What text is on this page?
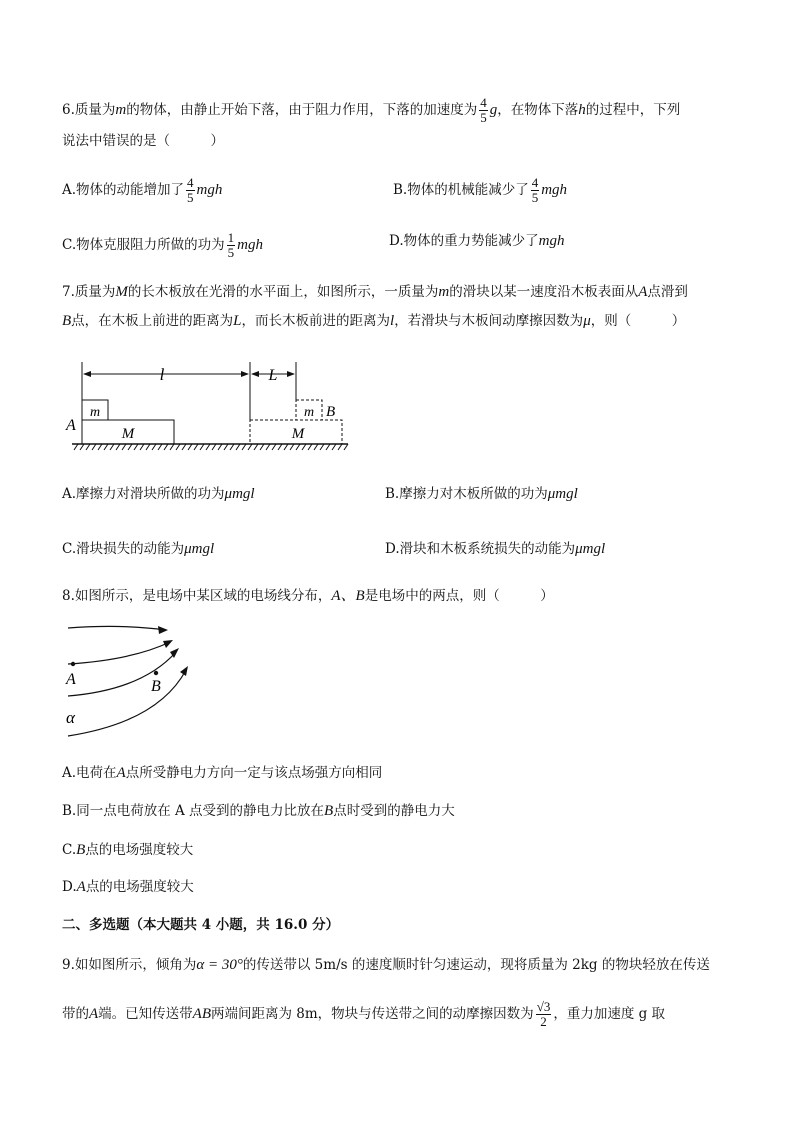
6.质量为m的物体，由静止开始下落，由于阻力作用，下落的加速度为 $\frac{4}{5}$ g，在物体下落h的过程中，下列
说法中错误的是（　　　）
A.物体的动能增加了 $\frac{4}{5}$ mgh	B.物体的机械能减少了 $\frac{4}{5}$ mgh
C.物体克服阻力所做的功为 $\frac{1}{5}$ mgh	D.物体的重力势能减少了mgh
7.质量为M的长木板放在光滑的水平面上，如图所示，一质量为m的滑块以某一速度沿木板表面从A点滑到
B点，在木板上前进的距离为L，而长木板前进的距离为l，若滑块与木板间动摩擦因数为μ，则（　　　）
l	L
m
M
A
m B
M
A.摩擦力对滑块所做的功为μmgl	B.摩擦力对木板所做的功为μmgl
C.滑块损失的动能为μmgl	D.滑块和木板系统损失的动能为μmgl
8.如图所示，是电场中某区域的电场线分布，A、B是电场中的两点，则（　　　）
A	B
α
A.电荷在A点所受静电力方向一定与该点场强方向相同
B.同一点电荷放在 A 点受到的静电力比放在B点时受到的静电力大
C.B点的电场强度较大
D.A点的电场强度较大
二、多选题（本大题共 4 小题，共 16.0 分）
9.如如图所示，倾角为α = 30°的传送带以 5m/s 的速度顺时针匀速运动，现将质量为 2kg 的物块轻放在传送
带的A端。已知传送带AB两端间距离为 8m，物块与传送带之间的动摩擦因数为 $\frac{√3}{2}$ ，重力加速度 g 取
